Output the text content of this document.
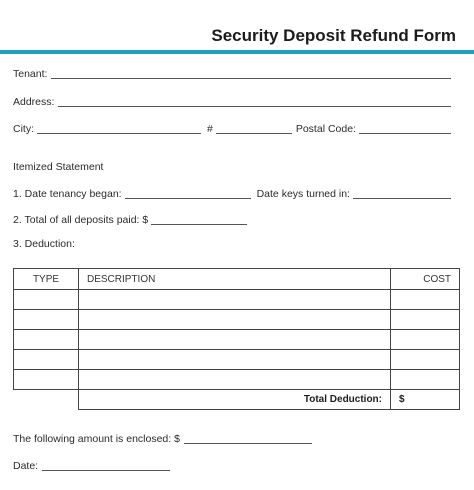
Security Deposit Refund Form
Tenant:
Address:
City:	#	Postal Code:
Itemized Statement
1. Date tenancy began:	Date keys turned in:
2. Total of all deposits paid: $
3. Deduction:
TYPE	DESCRIPTION	COST

	Total Deduction:	$
The following amount is enclosed: $
Date:
